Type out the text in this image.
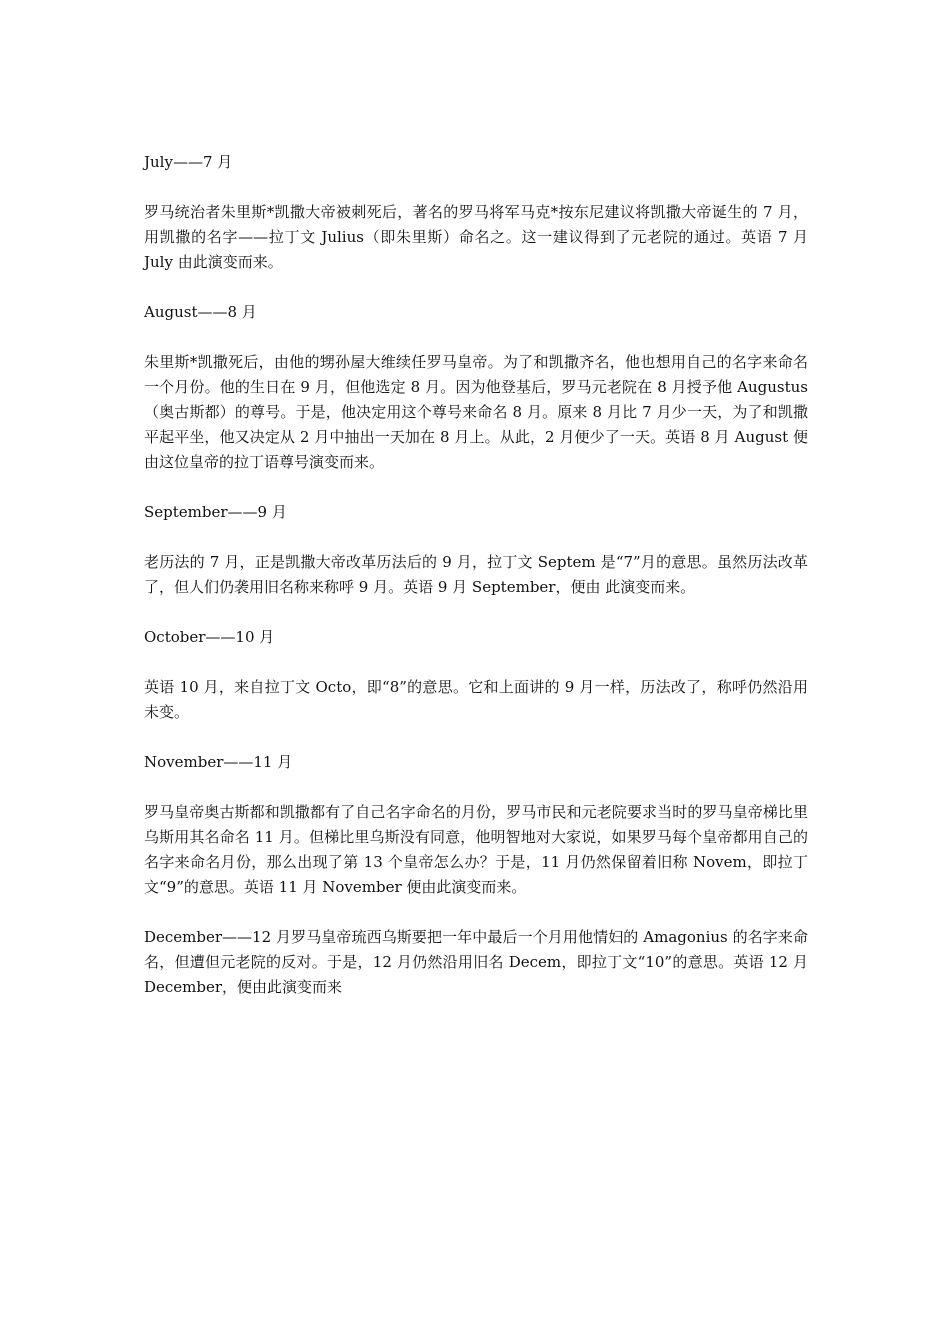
July——7 月

罗马统治者朱里斯*凯撒大帝被刺死后，著名的罗马将军马克*按东尼建议将凯撒大帝诞生的 7 月，用凯撒的名字——拉丁文 Julius（即朱里斯）命名之。这一建议得到了元老院的通过。英语 7 月 July 由此演变而来。

August——8 月

朱里斯*凯撒死后，由他的甥孙屋大维续任罗马皇帝。为了和凯撒齐名，他也想用自己的名字来命名一个月份。他的生日在 9 月，但他选定 8 月。因为他登基后，罗马元老院在 8 月授予他 Augustus（奥古斯都）的尊号。于是，他决定用这个尊号来命名 8 月。原来 8 月比 7 月少一天，为了和凯撒平起平坐，他又决定从 2 月中抽出一天加在 8 月上。从此，2 月便少了一天。英语 8 月 August 便由这位皇帝的拉丁语尊号演变而来。

September——9 月

老历法的 7 月，正是凯撒大帝改革历法后的 9 月，拉丁文 Septem 是“7”月的意思。虽然历法改革了，但人们仍袭用旧名称来称呼 9 月。英语 9 月 September，便由 此演变而来。

October——10 月

英语 10 月，来自拉丁文 Octo，即“8”的意思。它和上面讲的 9 月一样，历法改了，称呼仍然沿用未变。

November——11 月

罗马皇帝奥古斯都和凯撒都有了自己名字命名的月份，罗马市民和元老院要求当时的罗马皇帝梯比里乌斯用其名命名 11 月。但梯比里乌斯没有同意，他明智地对大家说，如果罗马每个皇帝都用自己的名字来命名月份，那么出现了第 13 个皇帝怎么办？于是，11 月仍然保留着旧称 Novem，即拉丁文“9”的意思。英语 11 月 November 便由此演变而来。

December——12 月罗马皇帝琉西乌斯要把一年中最后一个月用他情妇的 Amagonius 的名字来命名，但遭但元老院的反对。于是，12 月仍然沿用旧名 Decem，即拉丁文“10”的意思。英语 12 月 December，便由此演变而来
